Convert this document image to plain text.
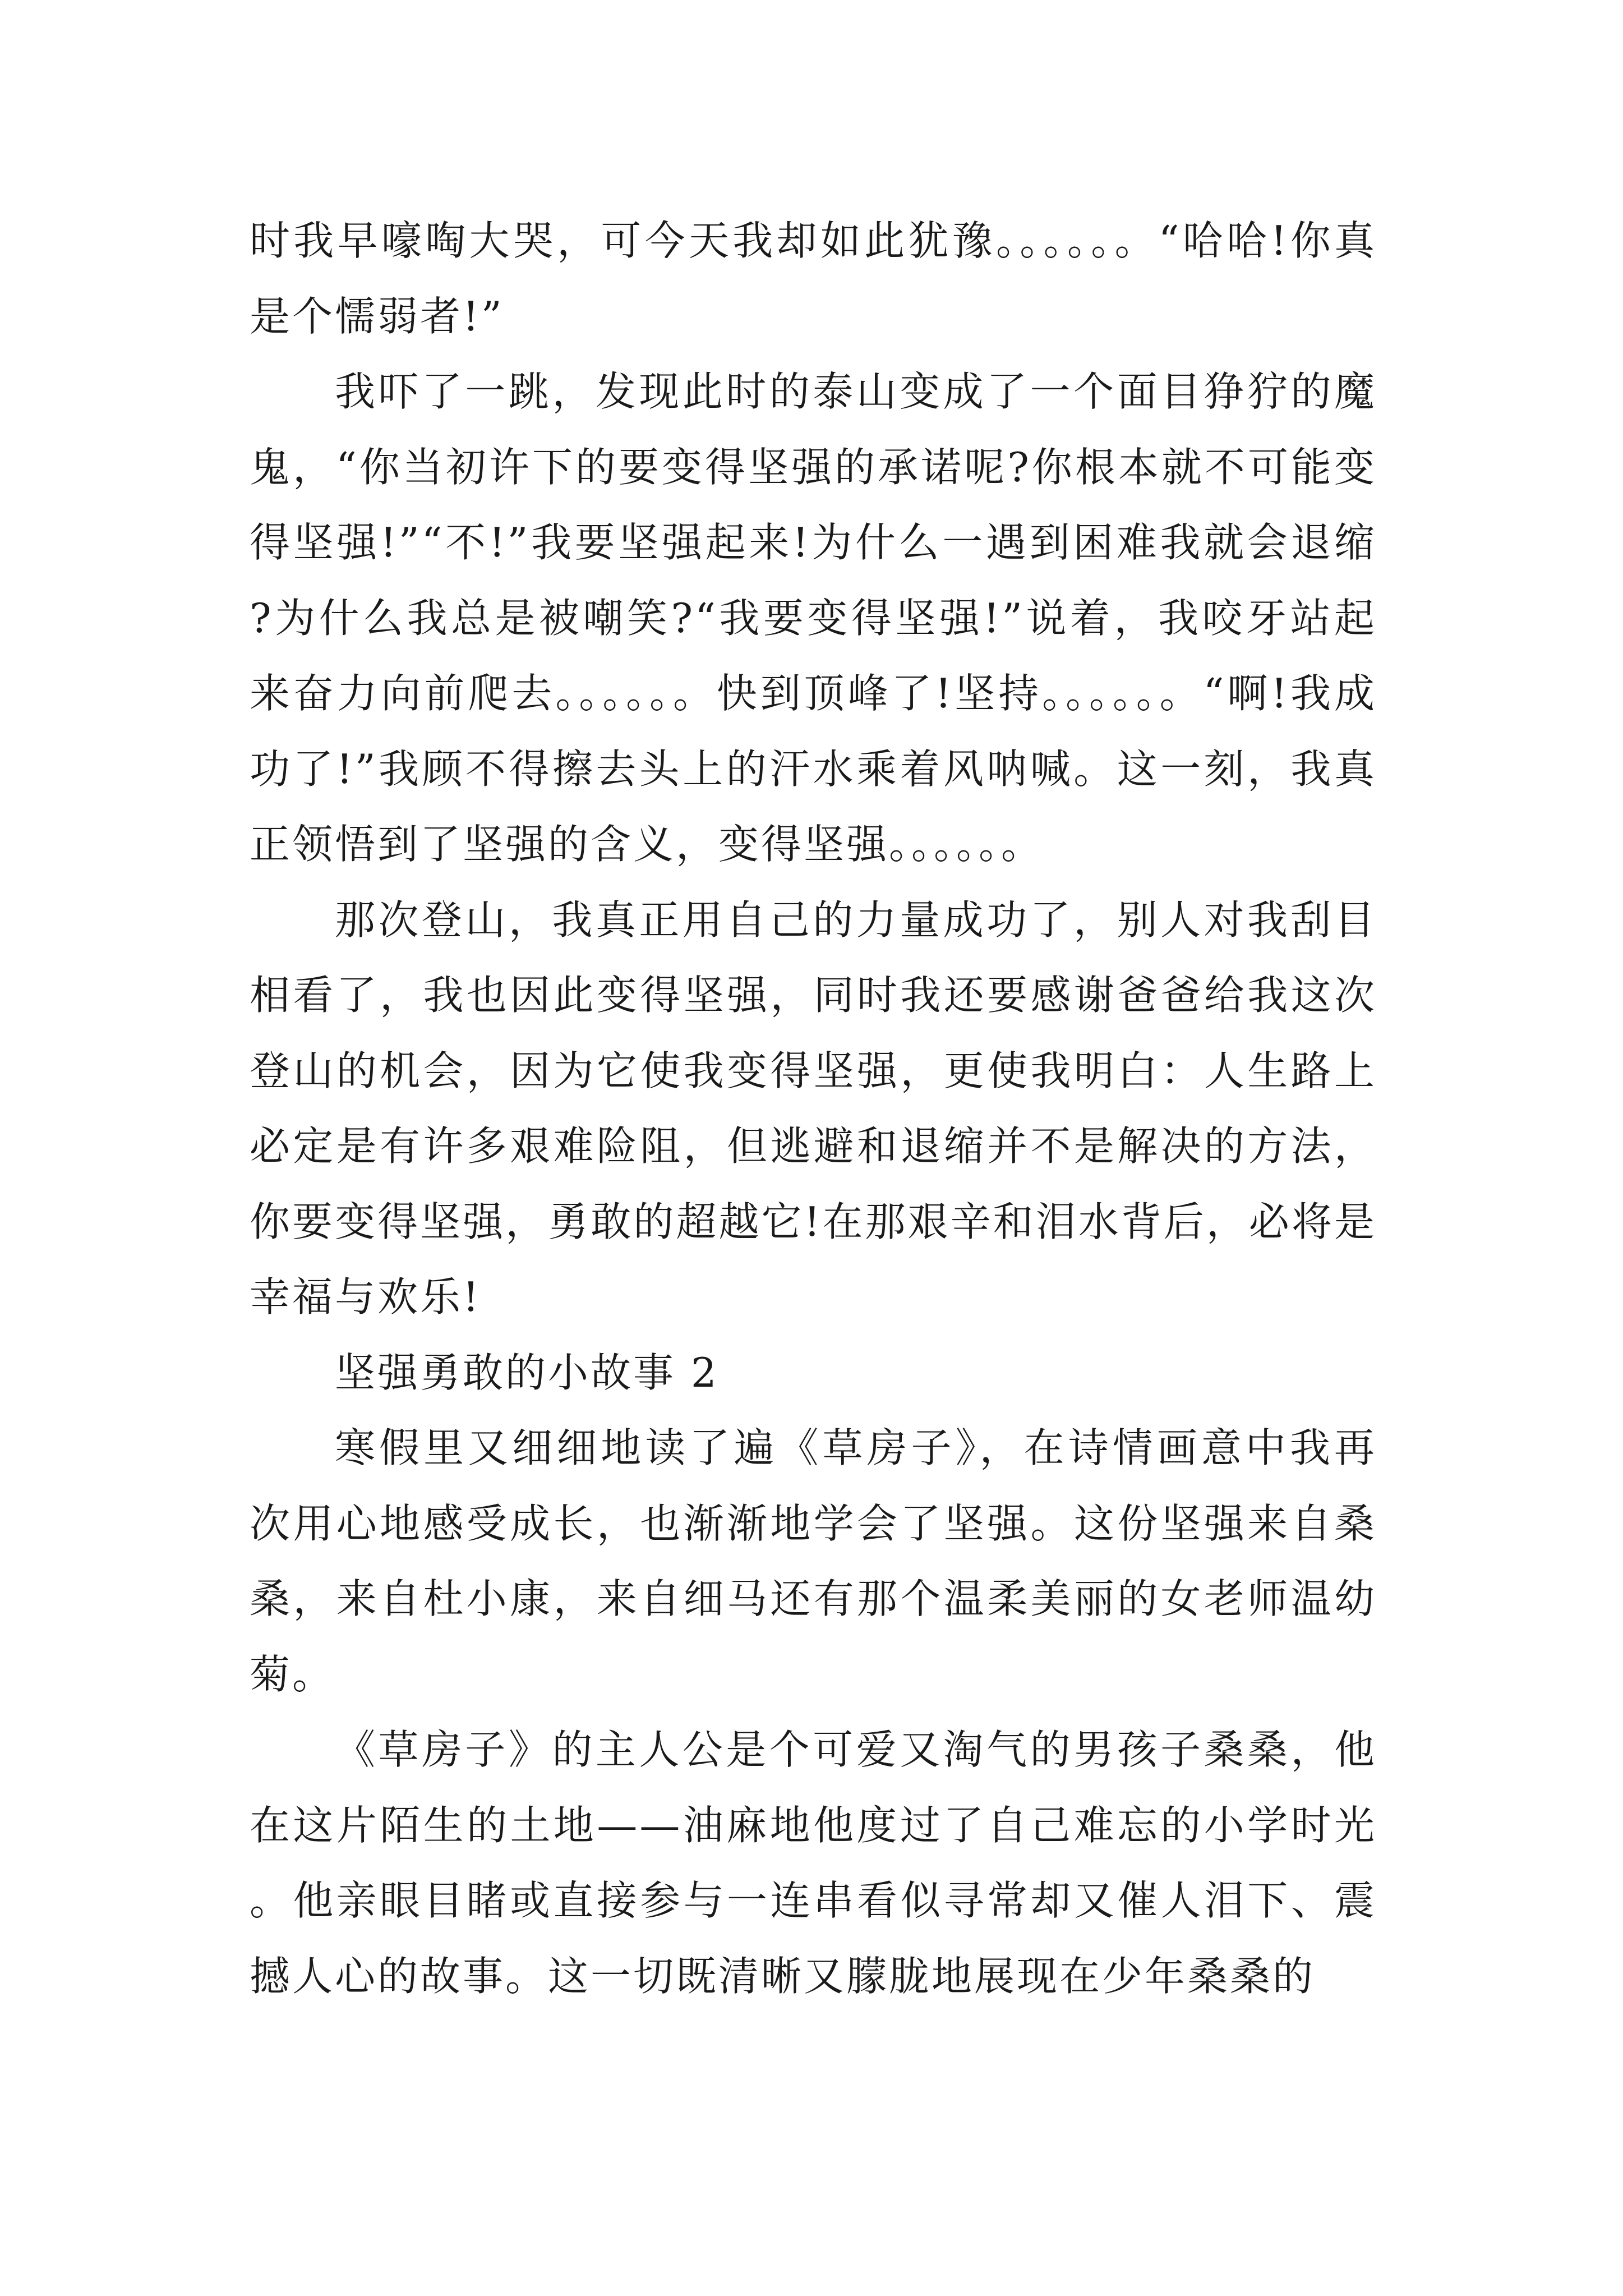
时我早嚎啕大哭，可今天我却如此犹豫。。。。。。“哈哈!你真是个懦弱者!”

我吓了一跳，发现此时的泰山变成了一个面目狰狞的魔鬼，“你当初许下的要变得坚强的承诺呢?你根本就不可能变得坚强!”“不!”我要坚强起来!为什么一遇到困难我就会退缩?为什么我总是被嘲笑?“我要变得坚强!”说着，我咬牙站起来奋力向前爬去。。。。。。快到顶峰了!坚持。。。。。。“啊!我成功了!”我顾不得擦去头上的汗水乘着风呐喊。这一刻，我真正领悟到了坚强的含义，变得坚强。。。。。。

那次登山，我真正用自己的力量成功了，别人对我刮目相看了，我也因此变得坚强，同时我还要感谢爸爸给我这次登山的机会，因为它使我变得坚强，更使我明白：人生路上必定是有许多艰难险阻，但逃避和退缩并不是解决的方法，你要变得坚强，勇敢的超越它!在那艰辛和泪水背后，必将是幸福与欢乐!

坚强勇敢的小故事 2

寒假里又细细地读了遍《草房子》，在诗情画意中我再次用心地感受成长，也渐渐地学会了坚强。这份坚强来自桑桑，来自杜小康，来自细马还有那个温柔美丽的女老师温幼菊。

《草房子》的主人公是个可爱又淘气的男孩子桑桑，他在这片陌生的土地——油麻地他度过了自己难忘的小学时光。他亲眼目睹或直接参与一连串看似寻常却又催人泪下、震撼人心的故事。这一切既清晰又朦胧地展现在少年桑桑的
